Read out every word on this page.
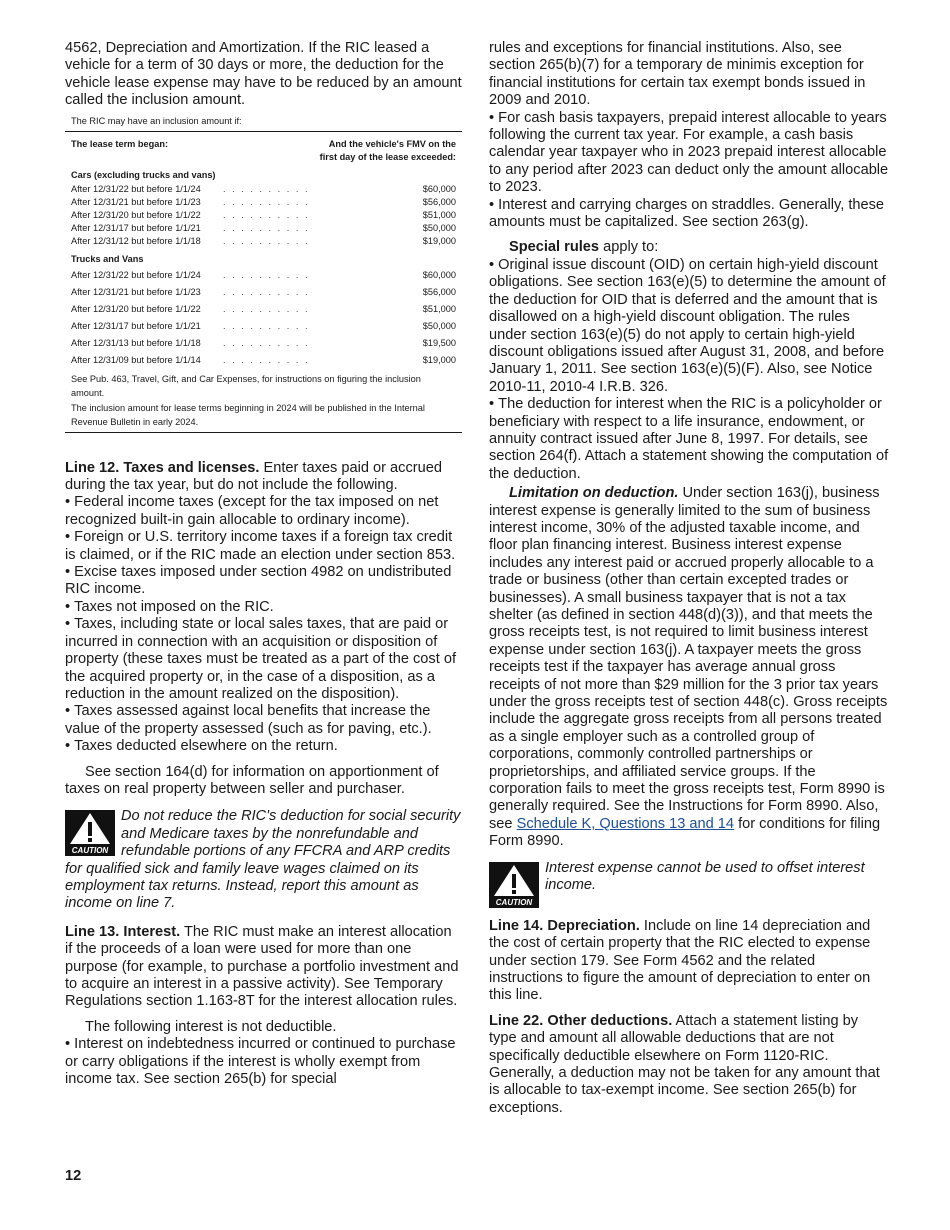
4562, Depreciation and Amortization. If the RIC leased a vehicle for a term of 30 days or more, the deduction for the vehicle lease expense may have to be reduced by an amount called the inclusion amount.

The RIC may have an inclusion amount if:
The lease term began:	And the vehicle's FMV on the first day of the lease exceeded:
Cars (excluding trucks and vans)
After 12/31/22 but before 1/1/24	. . . . . . . . . .	$60,000
After 12/31/21 but before 1/1/23	. . . . . . . . . .	$56,000
After 12/31/20 but before 1/1/22	. . . . . . . . . .	$51,000
After 12/31/17 but before 1/1/21	. . . . . . . . . .	$50,000
After 12/31/12 but before 1/1/18	. . . . . . . . . .	$19,000
Trucks and Vans
After 12/31/22 but before 1/1/24	. . . . . . . . . .	$60,000
After 12/31/21 but before 1/1/23	. . . . . . . . . .	$56,000
After 12/31/20 but before 1/1/22	. . . . . . . . . .	$51,000
After 12/31/17 but before 1/1/21	. . . . . . . . . .	$50,000
After 12/31/13 but before 1/1/18	. . . . . . . . . .	$19,500
After 12/31/09 but before 1/1/14	. . . . . . . . . .	$19,000
See Pub. 463, Travel, Gift, and Car Expenses, for instructions on figuring the inclusion amount.
The inclusion amount for lease terms beginning in 2024 will be published in the Internal Revenue Bulletin in early 2024.

Line 12. Taxes and licenses. Enter taxes paid or accrued during the tax year, but do not include the following.

• Federal income taxes (except for the tax imposed on net recognized built-in gain allocable to ordinary income).

• Foreign or U.S. territory income taxes if a foreign tax credit is claimed, or if the RIC made an election under section 853.

• Excise taxes imposed under section 4982 on undistributed RIC income.

• Taxes not imposed on the RIC.

• Taxes, including state or local sales taxes, that are paid or incurred in connection with an acquisition or disposition of property (these taxes must be treated as a part of the cost of the acquired property or, in the case of a disposition, as a reduction in the amount realized on the disposition).

• Taxes assessed against local benefits that increase the value of the property assessed (such as for paving, etc.).

• Taxes deducted elsewhere on the return.

See section 164(d) for information on apportionment of taxes on real property between seller and purchaser.

CAUTION
Do not reduce the RIC's deduction for social security and Medicare taxes by the nonrefundable and refundable portions of any FFCRA and ARP credits for qualified sick and family leave wages claimed on its employment tax returns. Instead, report this amount as income on line 7.

Line 13. Interest. The RIC must make an interest allocation if the proceeds of a loan were used for more than one purpose (for example, to purchase a portfolio investment and to acquire an interest in a passive activity). See Temporary Regulations section 1.163-8T for the interest allocation rules.

The following interest is not deductible.

• Interest on indebtedness incurred or continued to purchase or carry obligations if the interest is wholly exempt from income tax. See section 265(b) for special

rules and exceptions for financial institutions. Also, see section 265(b)(7) for a temporary de minimis exception for financial institutions for certain tax exempt bonds issued in 2009 and 2010.

• For cash basis taxpayers, prepaid interest allocable to years following the current tax year. For example, a cash basis calendar year taxpayer who in 2023 prepaid interest allocable to any period after 2023 can deduct only the amount allocable to 2023.

• Interest and carrying charges on straddles. Generally, these amounts must be capitalized. See section 263(g).

Special rules apply to:

• Original issue discount (OID) on certain high-yield discount obligations. See section 163(e)(5) to determine the amount of the deduction for OID that is deferred and the amount that is disallowed on a high-yield discount obligation. The rules under section 163(e)(5) do not apply to certain high-yield discount obligations issued after August 31, 2008, and before January 1, 2011. See section 163(e)(5)(F). Also, see Notice 2010-11, 2010-4 I.R.B. 326.

• The deduction for interest when the RIC is a policyholder or beneficiary with respect to a life insurance, endowment, or annuity contract issued after June 8, 1997. For details, see section 264(f). Attach a statement showing the computation of the deduction.

Limitation on deduction. Under section 163(j), business interest expense is generally limited to the sum of business interest income, 30% of the adjusted taxable income, and floor plan financing interest. Business interest expense includes any interest paid or accrued properly allocable to a trade or business (other than certain excepted trades or businesses). A small business taxpayer that is not a tax shelter (as defined in section 448(d)(3)), and that meets the gross receipts test, is not required to limit business interest expense under section 163(j). A taxpayer meets the gross receipts test if the taxpayer has average annual gross receipts of not more than $29 million for the 3 prior tax years under the gross receipts test of section 448(c). Gross receipts include the aggregate gross receipts from all persons treated as a single employer such as a controlled group of corporations, commonly controlled partnerships or proprietorships, and affiliated service groups. If the corporation fails to meet the gross receipts test, Form 8990 is generally required. See the Instructions for Form 8990. Also, see Schedule K, Questions 13 and 14 for conditions for filing Form 8990.

CAUTION
Interest expense cannot be used to offset interest income.

Line 14. Depreciation. Include on line 14 depreciation and the cost of certain property that the RIC elected to expense under section 179. See Form 4562 and the related instructions to figure the amount of depreciation to enter on this line.

Line 22. Other deductions. Attach a statement listing by type and amount all allowable deductions that are not specifically deductible elsewhere on Form 1120-RIC. Generally, a deduction may not be taken for any amount that is allocable to tax-exempt income. See section 265(b) for exceptions.

12
